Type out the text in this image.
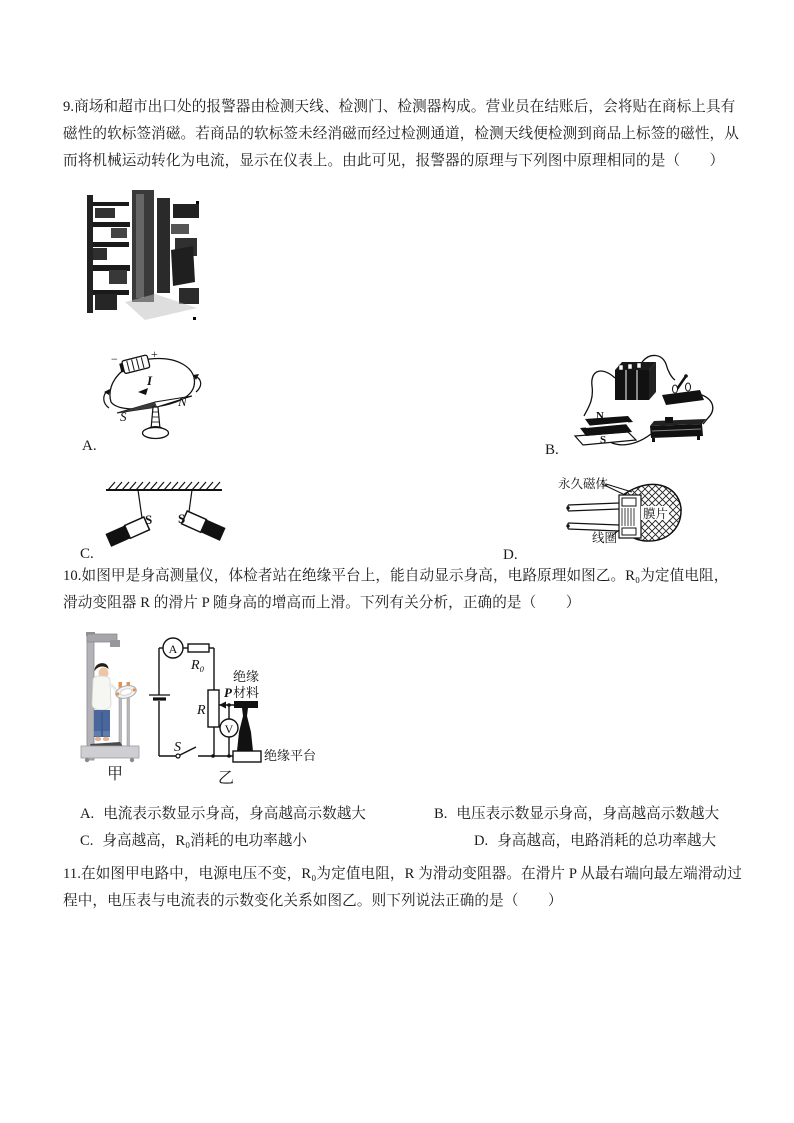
9.商场和超市出口处的报警器由检测天线、检测门、检测器构成。营业员在结账后，会将贴在商标上具有
磁性的软标签消磁。若商品的软标签未经消磁而经过检测通道，检测天线便检测到商品上标签的磁性，从
而将机械运动转化为电流，显示在仪表上。由此可见，报警器的原理与下列图中原理相同的是（　　）
+
−
I
S
N
A.
N
S
B.
S S
C.
永久磁体
膜片
线圈
D.
10.如图甲是身高测量仪，体检者站在绝缘平台上，能自动显示身高，电路原理如图乙。R₀为定值电阻，
滑动变阻器 R 的滑片 P 随身高的增高而上滑。下列有关分析，正确的是（　　）
A
R₀
S
R
P
绝缘
材料
V
绝缘平台
甲	乙
A. 电流表示数显示身高，身高越高示数越大	B. 电压表示数显示身高，身高越高示数越大
C. 身高越高，R₀消耗的电功率越小	D. 身高越高，电路消耗的总功率越大
11.在如图甲电路中，电源电压不变，R₀为定值电阻，R 为滑动变阻器。在滑片 P 从最右端向最左端滑动过
程中，电压表与电流表的示数变化关系如图乙。则下列说法正确的是（　　）
